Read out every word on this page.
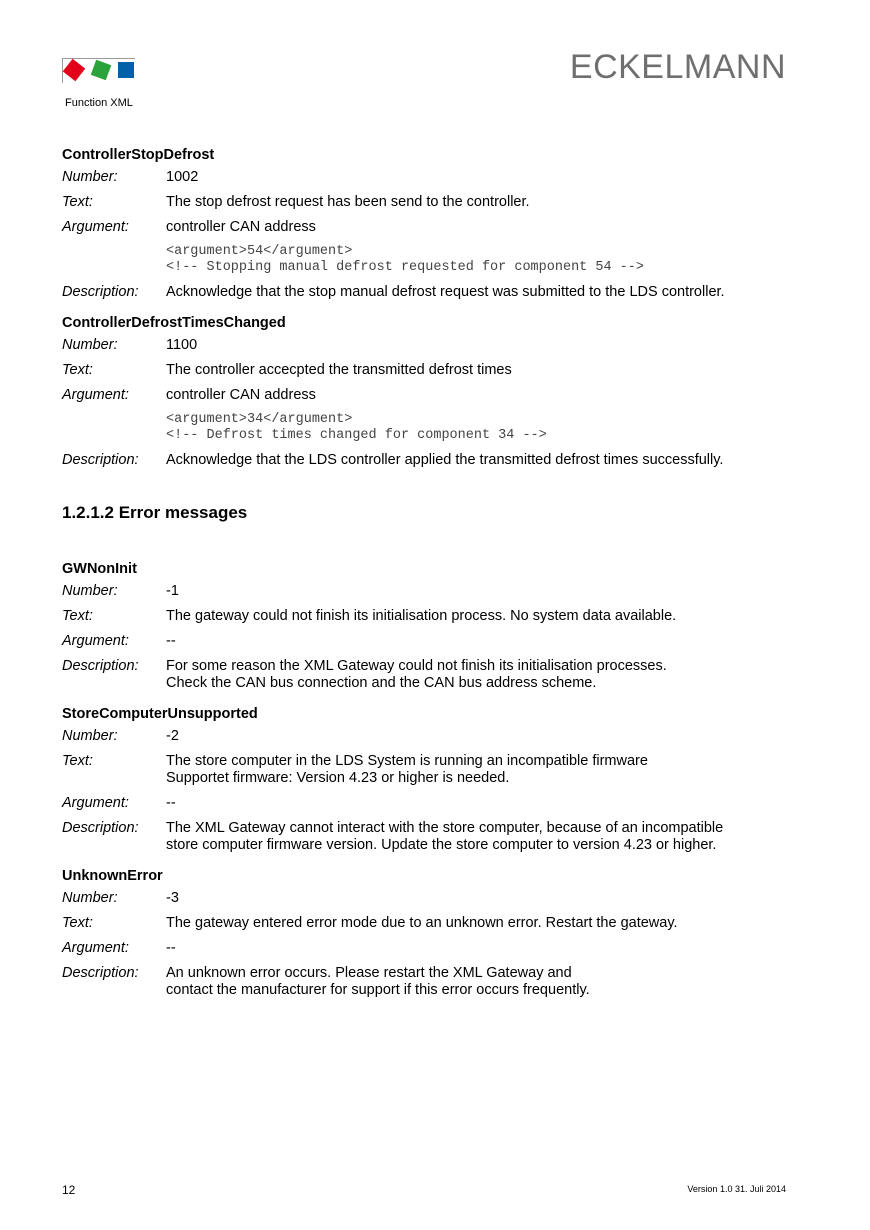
Function XML
ECKELMANN
ControllerStopDefrost
Number:	1002
Text:	The stop defrost request has been send to the controller.
Argument:	controller CAN address
<argument>54</argument>
<!-- Stopping manual defrost requested for component 54 -->
Description:	Acknowledge that the stop manual defrost request was submitted to the LDS controller.
ControllerDefrostTimesChanged
Number:	1100
Text:	The controller accecpted the transmitted defrost times
Argument:	controller CAN address
<argument>34</argument>
<!-- Defrost times changed for component 34 -->
Description:	Acknowledge that the LDS controller applied the transmitted defrost times successfully.
1.2.1.2 Error messages
GWNonInit
Number:	-1
Text:	The gateway could not finish its initialisation process. No system data available.
Argument:	--
Description:	For some reason the XML Gateway could not finish its initialisation processes.
Check the CAN bus connection and the CAN bus address scheme.
StoreComputerUnsupported
Number:	-2
Text:	The store computer in the LDS System is running an incompatible firmware
Supportet firmware: Version 4.23 or higher is needed.
Argument:	--
Description:	The XML Gateway cannot interact with the store computer, because of an incompatible
store computer firmware version. Update the store computer to version 4.23 or higher.
UnknownError
Number:	-3
Text:	The gateway entered error mode due to an unknown error. Restart the gateway.
Argument:	--
Description:	An unknown error occurs. Please restart the XML Gateway and
contact the manufacturer for support if this error occurs frequently.
12	Version 1.0 31. Juli 2014
